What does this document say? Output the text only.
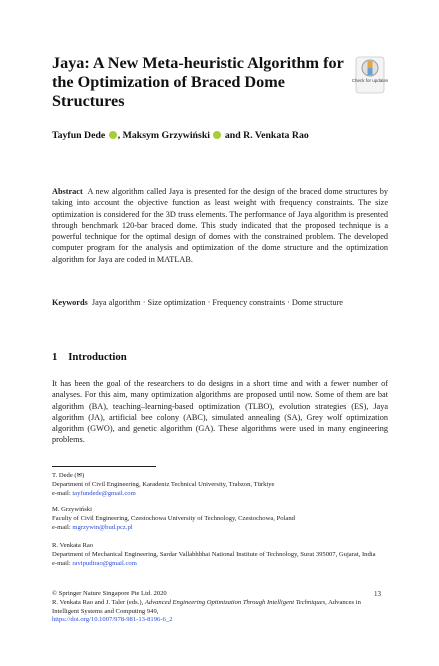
Jaya: A New Meta-heuristic Algorithm for the Optimization of Braced Dome Structures
Check for updates
Tayfun Dede , Maksym Grzywiński and R. Venkata Rao
Abstract A new algorithm called Jaya is presented for the design of the braced dome structures by taking into account the objective function as least weight with frequency constraints. The size optimization is considered for the 3D truss elements. The performance of Jaya algorithm is presented through benchmark 120-bar braced dome. This study indicated that the proposed technique is a powerful technique for the optimal design of domes with the constrained problem. The developed computer program for the analysis and optimization of the dome structure and the optimization algorithm for Jaya are coded in MATLAB.
Keywords Jaya algorithm · Size optimization · Frequency constraints · Dome structure
1 Introduction
It has been the goal of the researchers to do designs in a short time and with a fewer number of analyses. For this aim, many optimization algorithms are proposed until now. Some of them are bat algorithm (BA), teaching–learning-based optimization (TLBO), evolution strategies (ES), Jaya algorithm (JA), artificial bee colony (ABC), simulated annealing (SA), Grey wolf optimization algorithm (GWO), and genetic algorithm (GA). These algorithms were used in many engineering problems.
T. Dede (✉)
Department of Civil Engineering, Karadeniz Technical University, Trabzon, Türkiye
e-mail: tayfundede@gmail.com
M. Grzywiński
Faculty of Civil Engineering, Czestochowa University of Technology, Czestochowa, Poland
e-mail: mgrzywin@bud.pcz.pl
R. Venkata Rao
Department of Mechanical Engineering, Sardar Vallabhbhai National Institute of Technology, Surat 395007, Gujarat, India
e-mail: ravipudirao@gmail.com
© Springer Nature Singapore Pte Ltd. 2020
R. Venkata Rao and J. Taler (eds.), Advanced Engineering Optimization Through Intelligent Techniques, Advances in Intelligent Systems and Computing 949,
https://doi.org/10.1007/978-981-13-8196-6_2
13
